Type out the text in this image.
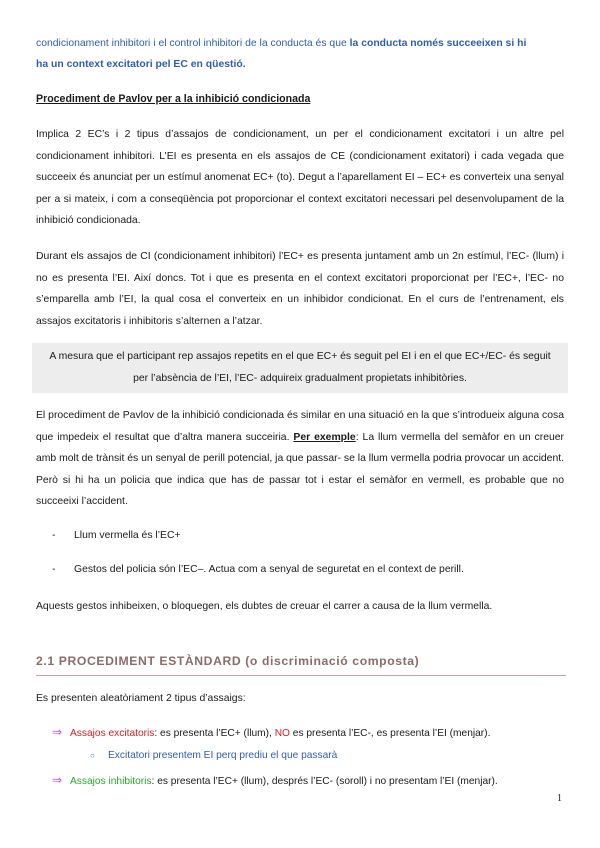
condicionament inhibitori i el control inhibitori de la conducta és que la conducta només succeeixen si hi
ha un context excitatori pel EC en qüestió.
Procediment de Pavlov per a la inhibició condicionada

Implica 2 EC’s i 2 tipus d’assajos de condicionament, un per el condicionament excitatori i un altre pel condicionament inhibitori. L’EI es presenta en els assajos de CE (condicionament exitatori) i cada vegada que succeeix és anunciat per un estímul anomenat EC+ (to). Degut a l’aparellament EI – EC+ es converteix una senyal per a si mateix, i com a conseqüència pot proporcionar el context excitatori necessari pel desenvolupament de la inhibició condicionada.

Durant els assajos de CI (condicionament inhibitori) l’EC+ es presenta juntament amb un 2n estímul, l’EC- (llum) i no es presenta l’EI. Així doncs. Tot i que es presenta en el context excitatori proporcionat per l’EC+, l’EC- no s’emparella amb l’EI, la qual cosa el converteix en un inhibidor condicionat. En el curs de l’entrenament, els assajos excitatoris i inhibitoris s’alternen a l’atzar.

A mesura que el participant rep assajos repetits en el que EC+ és seguit pel EI i en el que EC+/EC- és seguit
per l’absència de l’EI, l’EC- adquireix gradualment propietats inhibitòries.

El procediment de Pavlov de la inhibició condicionada és similar en una situació en la que s’introdueix alguna cosa que impedeix el resultat que d’altra manera succeiria. Per exemple: La llum vermella del semàfor en un creuer amb molt de trànsit és un senyal de perill potencial, ja que passar- se la llum vermella podria provocar un accident. Però si hi ha un policia que indica que has de passar tot i estar el semàfor en vermell, es probable que no succeeixi l’accident.

- Llum vermella és l’EC+
- Gestos del policia són l’EC–. Actua com a senyal de seguretat en el context de perill.

Aquests gestos inhibeixen, o bloquegen, els dubtes de creuar el carrer a causa de la llum vermella.

2.1 PROCEDIMENT ESTÀNDARD (o discriminació composta)

Es presenten aleatòriament 2 tipus d’assaigs:

⇒ Assajos excitatoris: es presenta l’EC+ (llum), NO es presenta l’EC-, es presenta l’EI (menjar).
○ Excitatori presentem EI perq prediu el que passarà
⇒ Assajos inhibitoris: es presenta l’EC+ (llum), després l’EC- (soroll) i no presentam l’EI (menjar).
1
